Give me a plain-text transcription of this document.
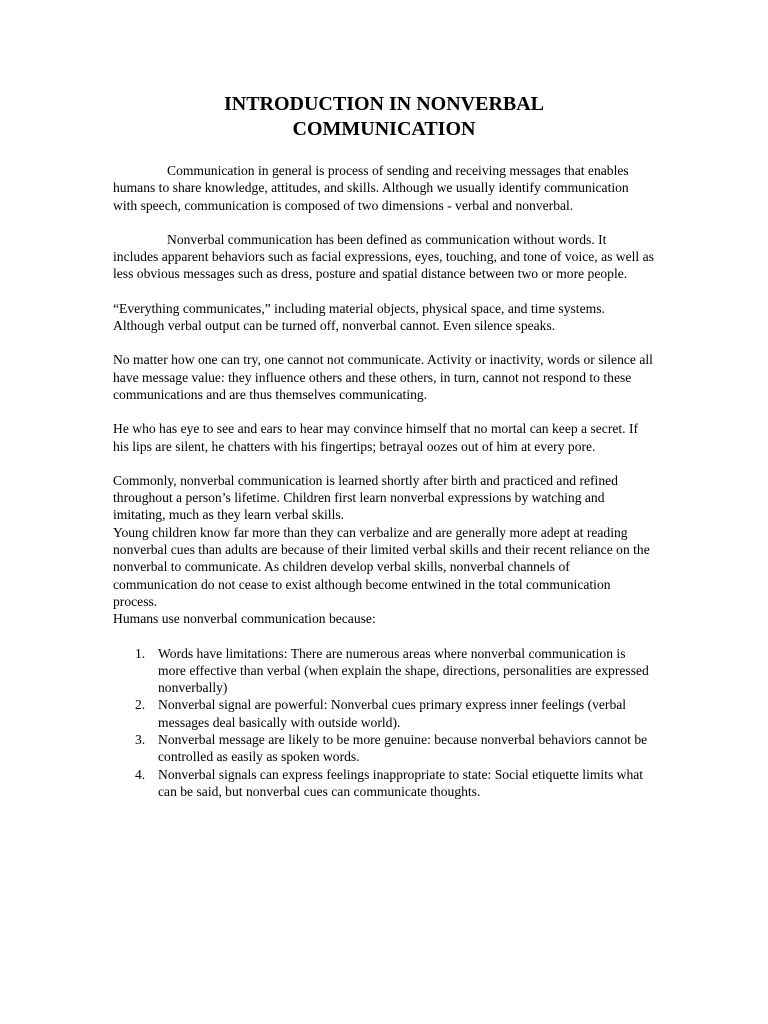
INTRODUCTION IN NONVERBAL
COMMUNICATION

Communication in general is process of sending and receiving messages that enables humans to share knowledge, attitudes, and skills. Although we usually identify communication with speech, communication is composed of two dimensions - verbal and nonverbal.

Nonverbal communication has been defined as communication without words. It includes apparent behaviors such as facial expressions, eyes, touching, and tone of voice, as well as less obvious messages such as dress, posture and spatial distance between two or more people.

“Everything communicates,” including material objects, physical space, and time systems. Although verbal output can be turned off, nonverbal cannot. Even silence speaks.

No matter how one can try, one cannot not communicate. Activity or inactivity, words or silence all have message value: they influence others and these others, in turn, cannot not respond to these communications and are thus themselves communicating.

He who has eye to see and ears to hear may convince himself that no mortal can keep a secret. If his lips are silent, he chatters with his fingertips; betrayal oozes out of him at every pore.

Commonly, nonverbal communication is learned shortly after birth and practiced and refined throughout a person’s lifetime. Children first learn nonverbal expressions by watching and imitating, much as they learn verbal skills.

Young children know far more than they can verbalize and are generally more adept at reading nonverbal cues than adults are because of their limited verbal skills and their recent reliance on the nonverbal to communicate. As children develop verbal skills, nonverbal channels of communication do not cease to exist although become entwined in the total communication process.

Humans use nonverbal communication because:

1. Words have limitations: There are numerous areas where nonverbal communication is more effective than verbal (when explain the shape, directions, personalities are expressed nonverbally)
2. Nonverbal signal are powerful: Nonverbal cues primary express inner feelings (verbal messages deal basically with outside world).
3. Nonverbal message are likely to be more genuine: because nonverbal behaviors cannot be controlled as easily as spoken words.
4. Nonverbal signals can express feelings inappropriate to state: Social etiquette limits what can be said, but nonverbal cues can communicate thoughts.
